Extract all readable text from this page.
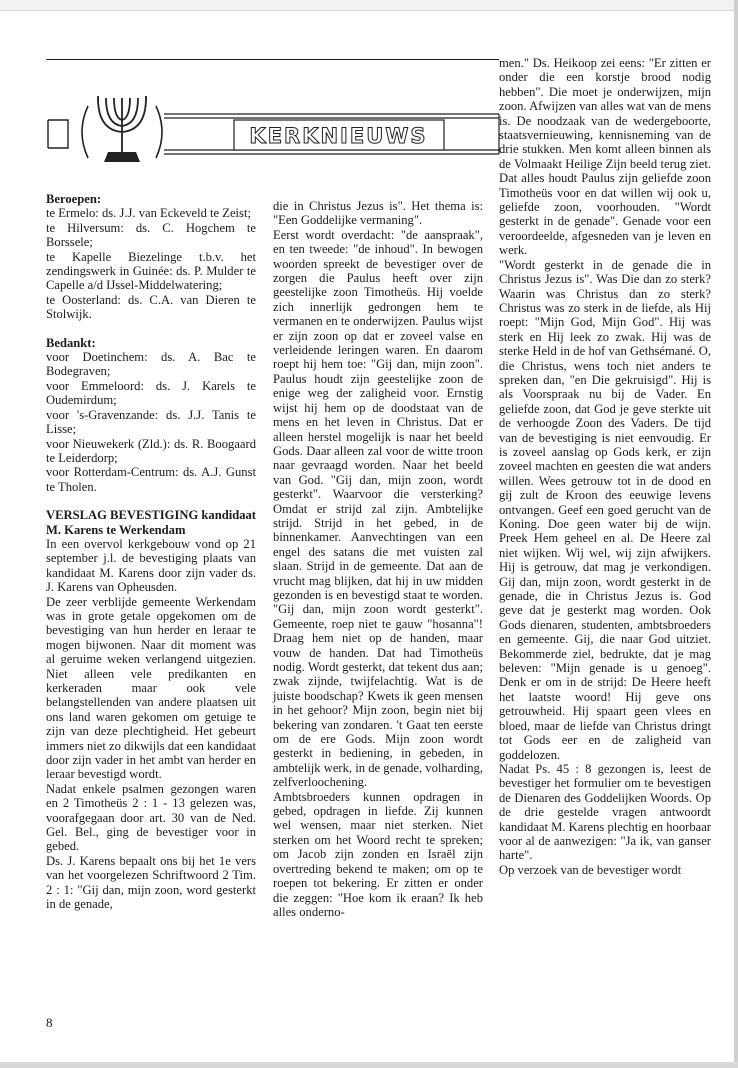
KERKNIEUWS

Beroepen:

te Ermelo: ds. J.J. van Eckeveld te Zeist;

te Hilversum: ds. C. Hogchem te Borssele;

te Kapelle Biezelinge t.b.v. het zendingswerk in Guinée: ds. P. Mulder te Capelle a/d IJssel-Middelwatering;

te Oosterland: ds. C.A. van Dieren te Stolwijk.

Bedankt:

voor Doetinchem: ds. A. Bac te Bodegraven;

voor Emmeloord: ds. J. Karels te Oudemirdum;

voor 's-Gravenzande: ds. J.J. Tanis te Lisse;

voor Nieuwekerk (Zld.): ds. R. Boogaard te Leiderdorp;

voor Rotterdam-Centrum: ds. A.J. Gunst te Tholen.

VERSLAG BEVESTIGING kandidaat M. Karens te Werkendam

In een overvol kerkgebouw vond op 21 september j.l. de bevestiging plaats van kandidaat M. Karens door zijn vader ds. J. Karens van Opheusden.

De zeer verblijde gemeente Werkendam was in grote getale opgekomen om de bevestiging van hun herder en leraar te mogen bijwonen. Naar dit moment was al geruime weken verlangend uitgezien. Niet alleen vele predikanten en kerkeraden maar ook vele belangstellenden van andere plaatsen uit ons land waren gekomen om getuige te zijn van deze plechtigheid. Het gebeurt immers niet zo dikwijls dat een kandidaat door zijn vader in het ambt van herder en leraar bevestigd wordt.

Nadat enkele psalmen gezongen waren en 2 Timotheüs 2 : 1 - 13 gelezen was, voorafgegaan door art. 30 van de Ned. Gel. Bel., ging de bevestiger voor in gebed.

Ds. J. Karens bepaalt ons bij het 1e vers van het voorgelezen Schriftwoord 2 Tim. 2 : 1: "Gij dan, mijn zoon, word gesterkt in de genade,

die in Christus Jezus is". Het thema is: "Een Goddelijke vermaning".

Eerst wordt overdacht: "de aanspraak", en ten tweede: "de inhoud". In bewogen woorden spreekt de bevestiger over de zorgen die Paulus heeft over zijn geestelijke zoon Timotheüs. Hij voelde zich innerlijk gedrongen hem te vermanen en te onderwijzen. Paulus wijst er zijn zoon op dat er zoveel valse en verleidende leringen waren. En daarom roept hij hem toe: "Gij dan, mijn zoon". Paulus houdt zijn geestelijke zoon de enige weg der zaligheid voor. Ernstig wijst hij hem op de doodstaat van de mens en het leven in Christus. Dat er alleen herstel mogelijk is naar het beeld Gods. Daar alleen zal voor de witte troon naar gevraagd worden. Naar het beeld van God. "Gij dan, mijn zoon, wordt gesterkt". Waarvoor die versterking? Omdat er strijd zal zijn. Ambtelijke strijd. Strijd in het gebed, in de binnenkamer. Aanvechtingen van een engel des satans die met vuisten zal slaan. Strijd in de gemeente. Dat aan de vrucht mag blijken, dat hij in uw midden gezonden is en bevestigd staat te worden. "Gij dan, mijn zoon wordt gesterkt". Gemeente, roep niet te gauw "hosanna"! Draag hem niet op de handen, maar vouw de handen. Dat had Timotheüs nodig. Wordt gesterkt, dat tekent dus aan; zwak zijnde, twijfelachtig. Wat is de juiste boodschap? Kwets ik geen mensen in het gehoor? Mijn zoon, begin niet bij bekering van zondaren. 't Gaat ten eerste om de ere Gods. Mijn zoon wordt gesterkt in bediening, in gebeden, in ambtelijk werk, in de genade, volharding, zelfverloochening.

Ambtsbroeders kunnen opdragen in gebed, opdragen in liefde. Zij kunnen wel wensen, maar niet sterken. Niet sterken om het Woord recht te spreken; om Jacob zijn zonden en Israël zijn overtreding bekend te maken; om op te roepen tot bekering. Er zitten er onder die zeggen: "Hoe kom ik eraan? Ik heb alles onderno-

men." Ds. Heikoop zei eens: "Er zitten er onder die een korstje brood nodig hebben". Die moet je onderwijzen, mijn zoon. Afwijzen van alles wat van de mens is. De noodzaak van de wedergeboorte, staatsvernieuwing, kennisneming van de drie stukken. Men komt alleen binnen als de Volmaakt Heilige Zijn beeld terug ziet. Dat alles houdt Paulus zijn geliefde zoon Timotheüs voor en dat willen wij ook u, geliefde zoon, voorhouden. "Wordt gesterkt in de genade". Genade voor een veroordeelde, afgesneden van je leven en werk.

"Wordt gesterkt in de genade die in Christus Jezus is". Was Die dan zo sterk? Waarin was Christus dan zo sterk? Christus was zo sterk in de liefde, als Hij roept: "Mijn God, Mijn God". Hij was sterk en Hij leek zo zwak. Hij was de sterke Held in de hof van Gethsémané. O, die Christus, wens toch niet anders te spreken dan, "en Die gekruisigd". Hij is als Voorspraak nu bij de Vader. En geliefde zoon, dat God je geve sterkte uit de verhoogde Zoon des Vaders. De tijd van de bevestiging is niet eenvoudig. Er is zoveel aanslag op Gods kerk, er zijn zoveel machten en geesten die wat anders willen. Wees getrouw tot in de dood en gij zult de Kroon des eeuwige levens ontvangen. Geef een goed gerucht van de Koning. Doe geen water bij de wijn. Preek Hem geheel en al. De Heere zal niet wijken. Wij wel, wij zijn afwijkers. Hij is getrouw, dat mag je verkondigen. Gij dan, mijn zoon, wordt gesterkt in de genade, die in Christus Jezus is. God geve dat je gesterkt mag worden. Ook Gods dienaren, studenten, ambtsbroeders en gemeente. Gij, die naar God uitziet. Bekommerde ziel, bedrukte, dat je mag beleven: "Mijn genade is u genoeg". Denk er om in de strijd: De Heere heeft het laatste woord! Hij geve ons getrouwheid. Hij spaart geen vlees en bloed, maar de liefde van Christus dringt tot Gods eer en de zaligheid van goddelozen.

Nadat Ps. 45 : 8 gezongen is, leest de bevestiger het formulier om te bevestigen de Dienaren des Goddelijken Woords. Op de drie gestelde vragen antwoordt kandidaat M. Karens plechtig en hoorbaar voor al de aanwezigen: "Ja ik, van ganser harte".

Op verzoek van de bevestiger wordt

8
